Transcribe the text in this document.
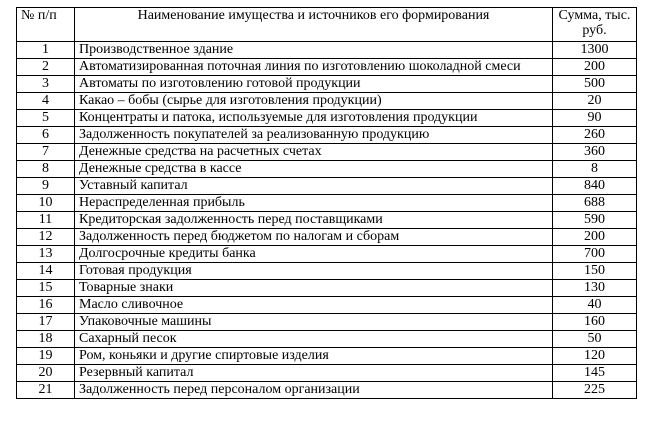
№ п/п	Наименование имущества и источников его формирования	Сумма, тыс. руб.
1	Производственное здание	1300
2	Автоматизированная поточная линия по изготовлению шоколадной смеси	200
3	Автоматы по изготовлению готовой продукции	500
4	Какао – бобы (сырье для изготовления продукции)	20
5	Концентраты и патока, используемые для изготовления продукции	90
6	Задолженность покупателей за реализованную продукцию	260
7	Денежные средства на расчетных счетах	360
8	Денежные средства в кассе	8
9	Уставный капитал	840
10	Нераспределенная прибыль	688
11	Кредиторская задолженность перед поставщиками	590
12	Задолженность перед бюджетом по налогам и сборам	200
13	Долгосрочные кредиты банка	700
14	Готовая продукция	150
15	Товарные знаки	130
16	Масло сливочное	40
17	Упаковочные машины	160
18	Сахарный песок	50
19	Ром, коньяки и другие спиртовые изделия	120
20	Резервный капитал	145
21	Задолженность перед персоналом организации	225
